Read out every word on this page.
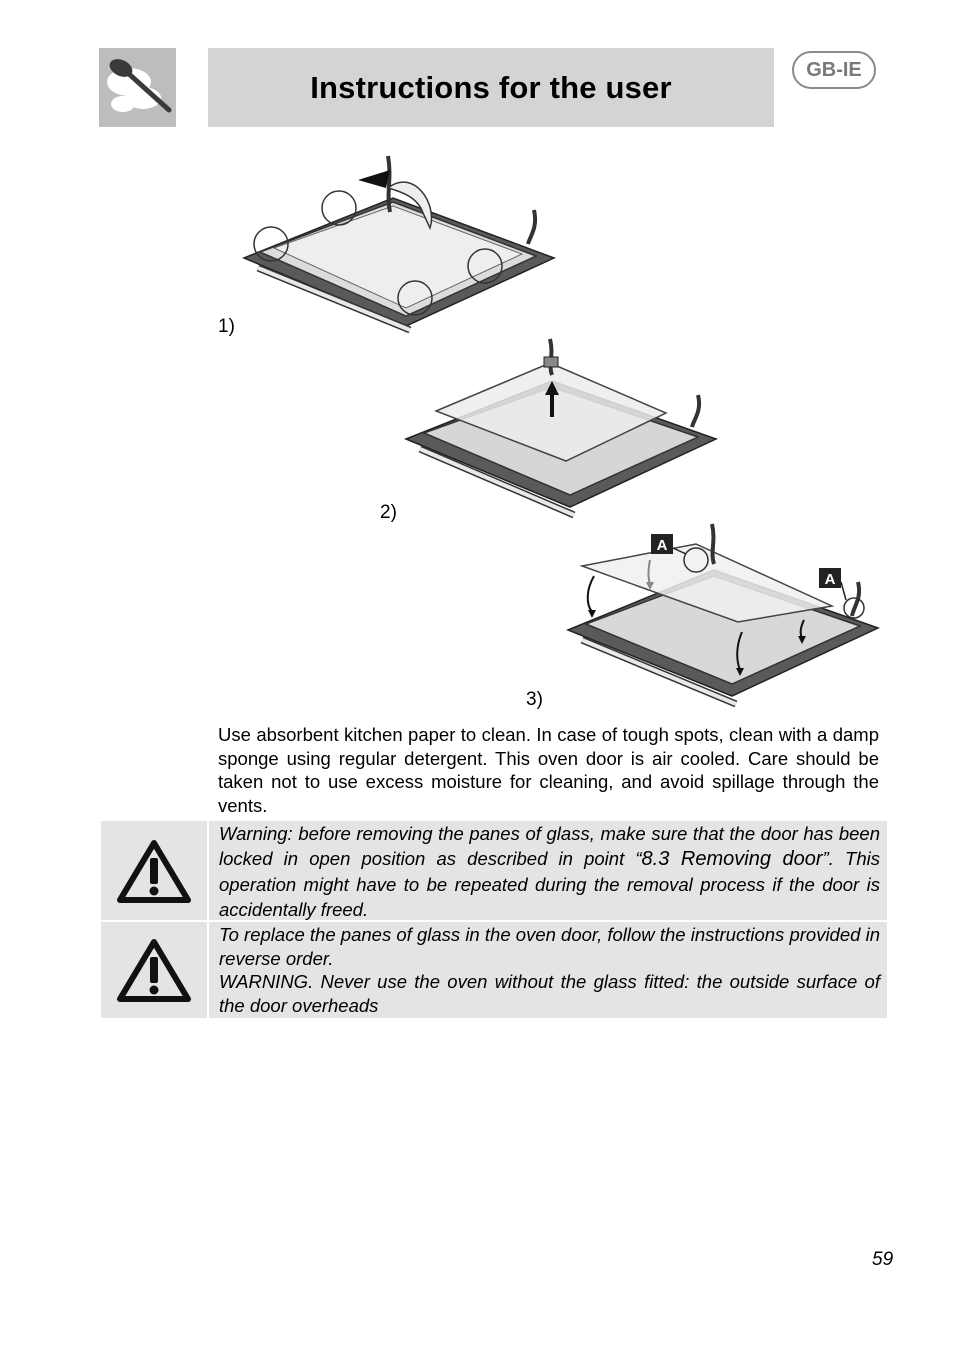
Instructions for the user	GB-IE
1)
2)
A
A
3)
Use absorbent kitchen paper to clean. In case of tough spots, clean with a damp sponge using regular detergent. This oven door is air cooled. Care should be taken not to use excess moisture for cleaning, and avoid spillage through the vents.
Warning: before removing the panes of glass, make sure that the door has been locked in open position as described in point “8.3 Removing door”. This operation might have to be repeated during the removal process if the door is accidentally freed.
To replace the panes of glass in the oven door, follow the instructions provided in reverse order.
WARNING. Never use the oven without the glass fitted: the outside surface of the door overheads
59
